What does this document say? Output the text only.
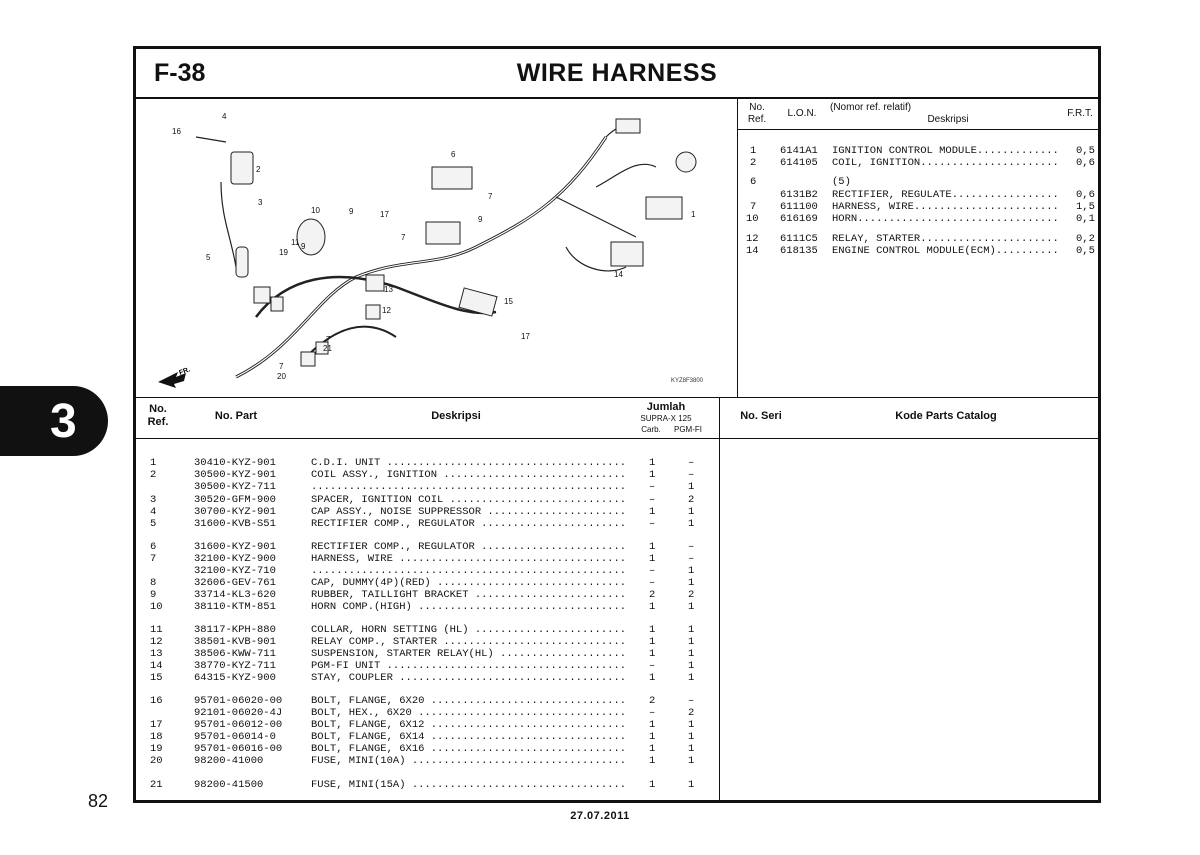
3
82
27.07.2011
F-38	WIRE HARNESS
4
16
2
3
5
6
7
7
9
9
10	17
11 9
19
13
12
1
14
15
17
7
21
7
20
FR.
KYZ8F3800
No.
Ref.
L.O.N.
(Nomor ref. relatif)
Deskripsi
F.R.T.
1 6141A1 IGNITION CONTROL MODULE............. 0,5
2 614105 COIL, IGNITION...................... 0,6
6	(5)
6131B2 RECTIFIER, REGULATE................. 0,6
7 611100 HARNESS, WIRE....................... 1,5
10 616169 HORN................................ 0,1
12 6111C5 RELAY, STARTER...................... 0,2
14 618135 ENGINE CONTROL MODULE(ECM).......... 0,5
No.
Ref.	No. Part	Deskripsi
Jumlah
SUPRA-X 125
Carb.	PGM-FI
No. Seri	Kode Parts Catalog
1	30410-KYZ-901	C.D.I. UNIT ...................................... 1	–
2	30500-KYZ-901	COIL ASSY., IGNITION ............................. 1	–
30500-KYZ-711	.................................................. –	1
3	30520-GFM-900	SPACER, IGNITION COIL ............................ –	2
4	30700-KYZ-901	CAP ASSY., NOISE SUPPRESSOR ...................... 1	1
5	31600-KVB-S51	RECTIFIER COMP., REGULATOR ....................... –	1
6	31600-KYZ-901	RECTIFIER COMP., REGULATOR ....................... 1	–
7	32100-KYZ-900	HARNESS, WIRE .................................... 1	–
32100-KYZ-710	.................................................. –	1
8	32606-GEV-761	CAP, DUMMY(4P)(RED) .............................. –	1
9	33714-KL3-620	RUBBER, TAILLIGHT BRACKET ........................ 2	2
10	38110-KTM-851	HORN COMP.(HIGH) ................................. 1	1
11	38117-KPH-880	COLLAR, HORN SETTING (HL) ........................ 1	1
12	38501-KVB-901	RELAY COMP., STARTER ............................. 1	1
13	38506-KWW-711	SUSPENSION, STARTER RELAY(HL) .................... 1	1
14	38770-KYZ-711	PGM-FI UNIT ...................................... –	1
15	64315-KYZ-900	STAY, COUPLER .................................... 1	1
16	95701-06020-00	BOLT, FLANGE, 6X20 ............................... 2	–
92101-06020-4J	BOLT, HEX., 6X20 ................................. –	2
17	95701-06012-00	BOLT, FLANGE, 6X12 ............................... 1	1
18	95701-06014-0	BOLT, FLANGE, 6X14 ............................... 1	1
19	95701-06016-00	BOLT, FLANGE, 6X16 ............................... 1	1
20	98200-41000	FUSE, MINI(10A) .................................. 1	1
21	98200-41500	FUSE, MINI(15A) .................................. 1	1
